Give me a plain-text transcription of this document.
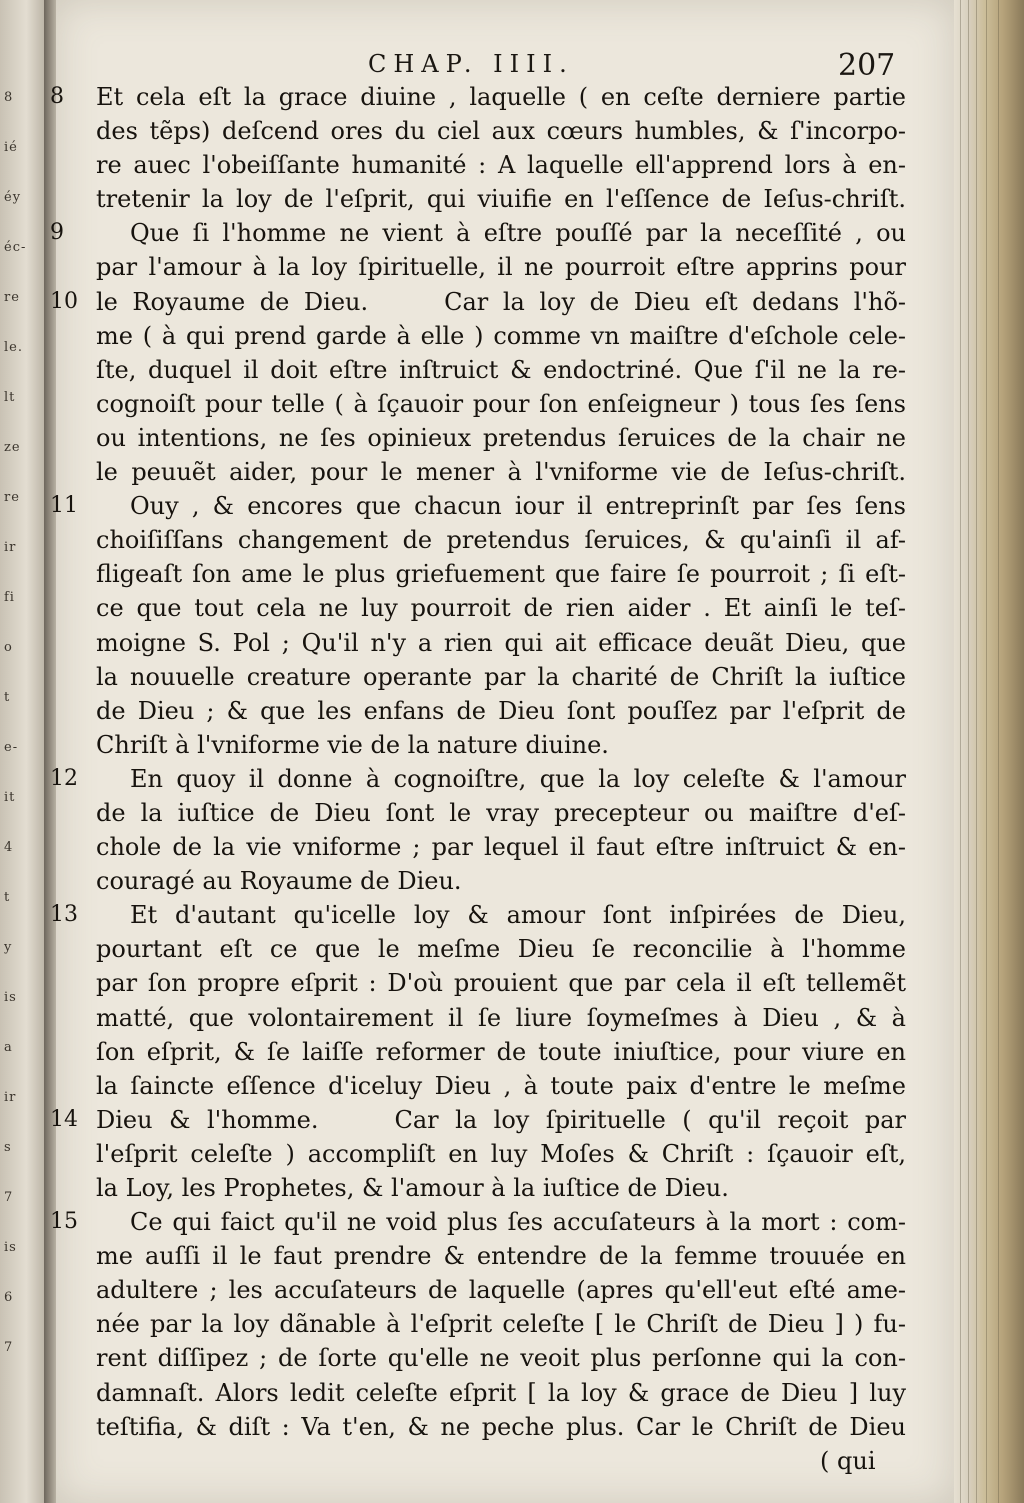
8
ié
éy
éc-
re
le.
lt
ze
re
ir
fi
o
t
e-
it
4
t
y
is
a
ir
s
7
is
6
7
CHAP. IIII.	207
8	Et cela eſt la grace diuine , laquelle ( en ceſte derniere partie
des tẽps) deſcend ores du ciel aux cœurs humbles, & ſ'incorpo-
re auec l'obeiſſante humanité : A laquelle ell'apprend lors à en-
tretenir la loy de l'eſprit, qui viuifie en l'eſſence de Ieſus-chriſt.
9	Que ſi l'homme ne vient à eſtre pouſſé par la neceſſité , ou
par l'amour à la loy ſpirituelle, il ne pourroit eſtre apprins pour
10 le Royaume de Dieu.	Car la loy de Dieu eſt dedans l'hõ-
me ( à qui prend garde à elle ) comme vn maiſtre d'eſchole cele-
ſte, duquel il doit eſtre inſtruict & endoctriné. Que ſ'il ne la re-
cognoiſt pour telle ( à ſçauoir pour ſon enſeigneur ) tous ſes ſens
ou intentions, ne ſes opinieux pretendus ſeruices de la chair ne
le peuuẽt aider, pour le mener à l'vniforme vie de Ieſus-chriſt.
11	Ouy , & encores que chacun iour il entreprinſt par ſes ſens
choiſiſſans changement de pretendus ſeruices, & qu'ainſi il af-
fligeaſt ſon ame le plus griefuement que faire ſe pourroit ; ſi eſt-
ce que tout cela ne luy pourroit de rien aider . Et ainſi le teſ-
moigne S. Pol ; Qu'il n'y a rien qui ait efficace deuãt Dieu, que
la nouuelle creature operante par la charité de Chriſt la iuſtice
de Dieu ; & que les enfans de Dieu ſont pouſſez par l'eſprit de
Chriſt à l'vniforme vie de la nature diuine.
12	En quoy il donne à cognoiſtre, que la loy celeſte & l'amour
de la iuſtice de Dieu ſont le vray precepteur ou maiſtre d'eſ-
chole de la vie vniforme ; par lequel il faut eſtre inſtruict & en-
couragé au Royaume de Dieu.
13	Et d'autant qu'icelle loy & amour ſont inſpirées de Dieu,
pourtant eſt ce que le meſme Dieu ſe reconcilie à l'homme
par ſon propre eſprit : D'où prouient que par cela il eſt tellemẽt
matté, que volontairement il ſe liure ſoymeſmes à Dieu , & à
ſon eſprit, & ſe laiſſe reformer de toute iniuſtice, pour viure en
la ſaincte eſſence d'iceluy Dieu , à toute paix d'entre le meſme
14 Dieu & l'homme.	Car la loy ſpirituelle ( qu'il reçoit par
l'eſprit celeſte ) accompliſt en luy Moſes & Chriſt : ſçauoir eſt,
la Loy, les Prophetes, & l'amour à la iuſtice de Dieu.
15	Ce qui faict qu'il ne void plus ſes accuſateurs à la mort : com-
me auſſi il le faut prendre & entendre de la femme trouuée en
adultere ; les accuſateurs de laquelle (apres qu'ell'eut eſté ame-
née par la loy dãnable à l'eſprit celeſte [ le Chriſt de Dieu ] ) fu-
rent diſſipez ; de ſorte qu'elle ne veoit plus perſonne qui la con-
damnaſt. Alors ledit celeſte eſprit [ la loy & grace de Dieu ] luy
teſtifia, & diſt : Va t'en, & ne peche plus. Car le Chriſt de Dieu
( qui
